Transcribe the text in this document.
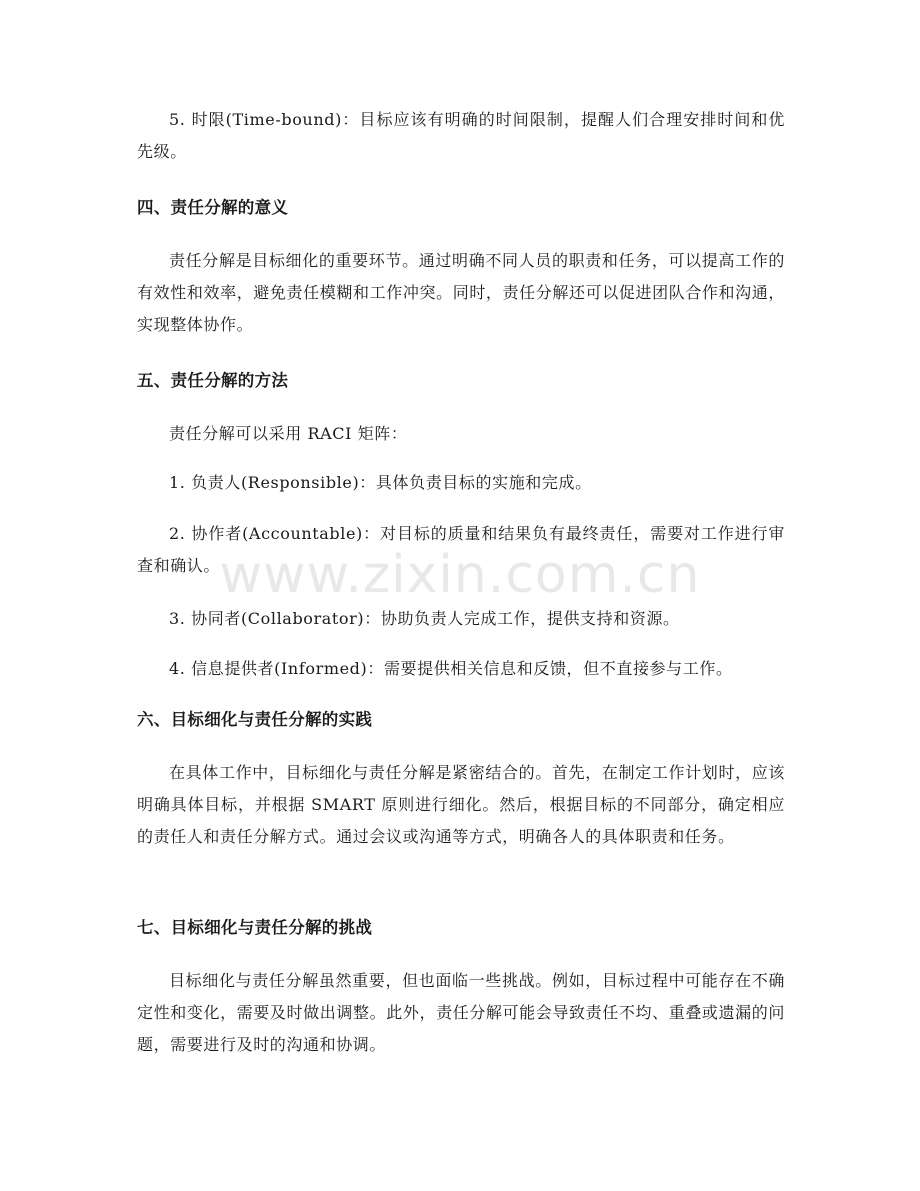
5. 时限(Time-bound)：目标应该有明确的时间限制，提醒人们合理安排时间和优先级。

四、责任分解的意义

责任分解是目标细化的重要环节。通过明确不同人员的职责和任务，可以提高工作的有效性和效率，避免责任模糊和工作冲突。同时，责任分解还可以促进团队合作和沟通，实现整体协作。

五、责任分解的方法

责任分解可以采用 RACI 矩阵：

1. 负责人(Responsible)：具体负责目标的实施和完成。

2. 协作者(Accountable)：对目标的质量和结果负有最终责任，需要对工作进行审查和确认。

3. 协同者(Collaborator)：协助负责人完成工作，提供支持和资源。

4. 信息提供者(Informed)：需要提供相关信息和反馈，但不直接参与工作。

六、目标细化与责任分解的实践

在具体工作中，目标细化与责任分解是紧密结合的。首先，在制定工作计划时，应该明确具体目标，并根据 SMART 原则进行细化。然后，根据目标的不同部分，确定相应的责任人和责任分解方式。通过会议或沟通等方式，明确各人的具体职责和任务。

七、目标细化与责任分解的挑战

目标细化与责任分解虽然重要，但也面临一些挑战。例如，目标过程中可能存在不确定性和变化，需要及时做出调整。此外，责任分解可能会导致责任不均、重叠或遗漏的问题，需要进行及时的沟通和协调。

www.zixin.com.cn
